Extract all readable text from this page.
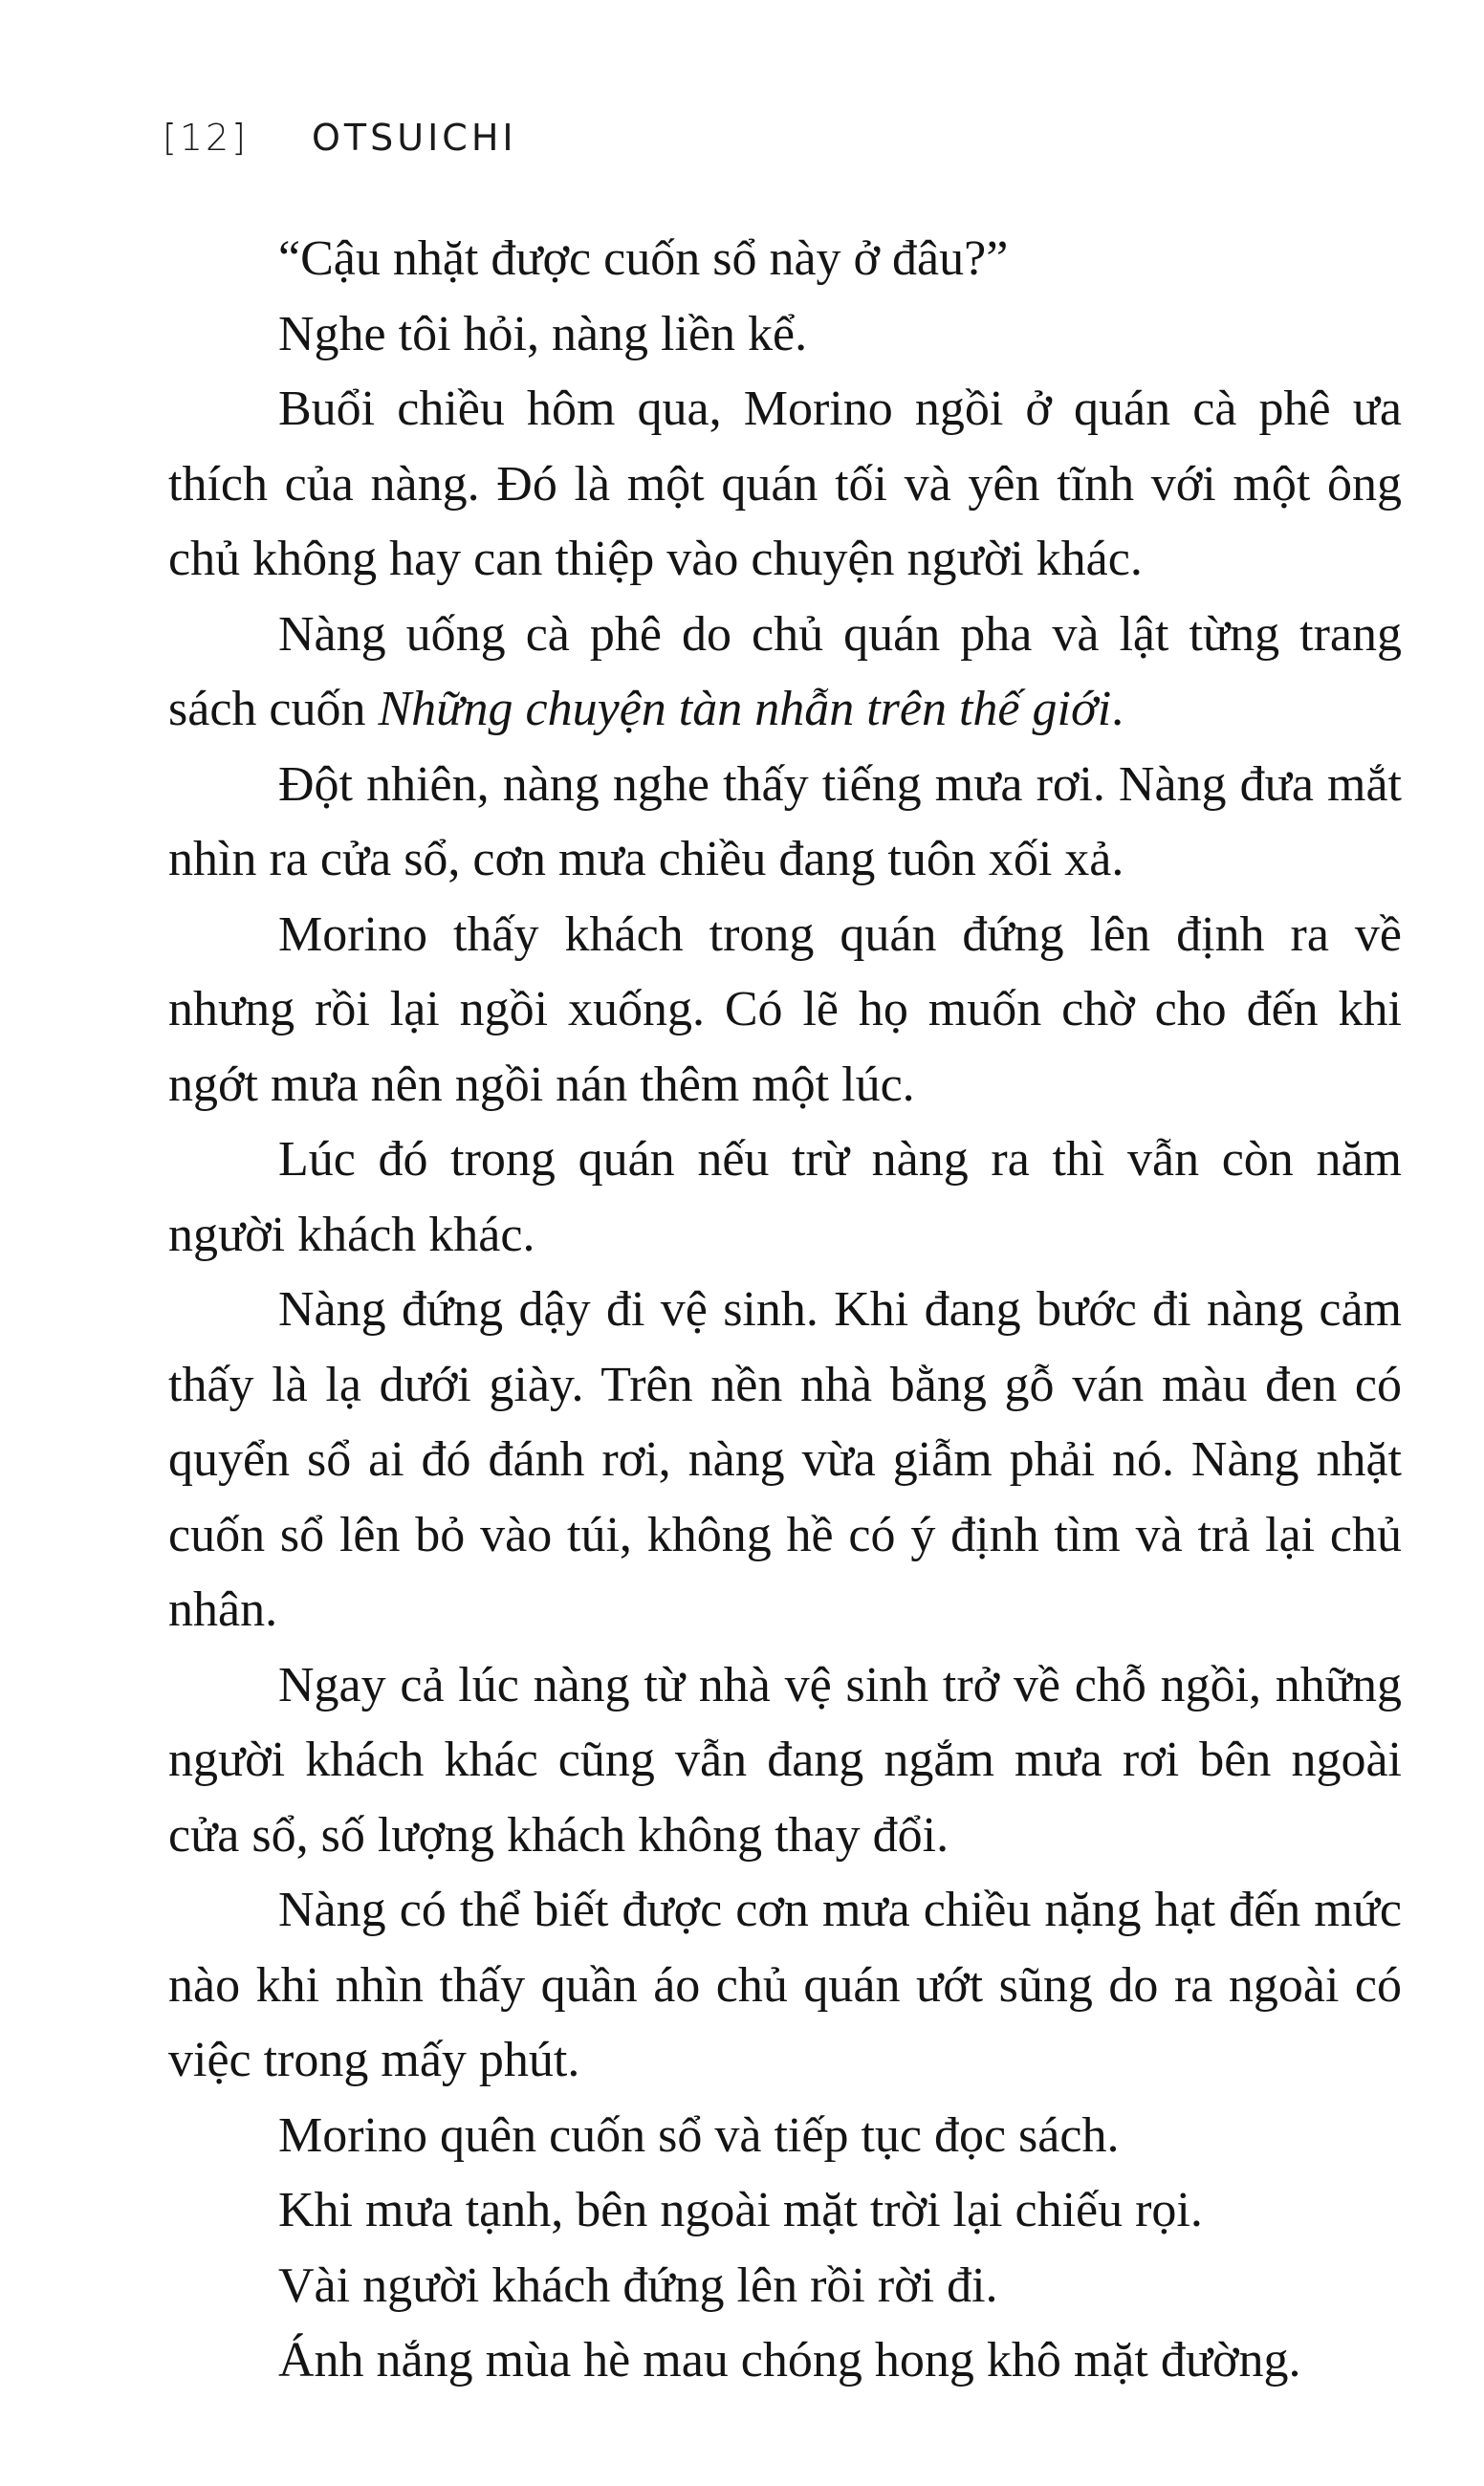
[12] OTSUICHI

“Cậu nhặt được cuốn sổ này ở đâu?”

Nghe tôi hỏi, nàng liền kể.

Buổi chiều hôm qua, Morino ngồi ở quán cà phê ưa thích của nàng. Đó là một quán tối và yên tĩnh với một ông chủ không hay can thiệp vào chuyện người khác.

Nàng uống cà phê do chủ quán pha và lật từng trang sách cuốn Những chuyện tàn nhẫn trên thế giới.

Đột nhiên, nàng nghe thấy tiếng mưa rơi. Nàng đưa mắt nhìn ra cửa sổ, cơn mưa chiều đang tuôn xối xả.

Morino thấy khách trong quán đứng lên định ra về nhưng rồi lại ngồi xuống. Có lẽ họ muốn chờ cho đến khi ngớt mưa nên ngồi nán thêm một lúc.

Lúc đó trong quán nếu trừ nàng ra thì vẫn còn năm người khách khác.

Nàng đứng dậy đi vệ sinh. Khi đang bước đi nàng cảm thấy là lạ dưới giày. Trên nền nhà bằng gỗ ván màu đen có quyển sổ ai đó đánh rơi, nàng vừa giẫm phải nó. Nàng nhặt cuốn sổ lên bỏ vào túi, không hề có ý định tìm và trả lại chủ nhân.

Ngay cả lúc nàng từ nhà vệ sinh trở về chỗ ngồi, những người khách khác cũng vẫn đang ngắm mưa rơi bên ngoài cửa sổ, số lượng khách không thay đổi.

Nàng có thể biết được cơn mưa chiều nặng hạt đến mức nào khi nhìn thấy quần áo chủ quán ướt sũng do ra ngoài có việc trong mấy phút.

Morino quên cuốn sổ và tiếp tục đọc sách.

Khi mưa tạnh, bên ngoài mặt trời lại chiếu rọi.

Vài người khách đứng lên rồi rời đi.

Ánh nắng mùa hè mau chóng hong khô mặt đường.
